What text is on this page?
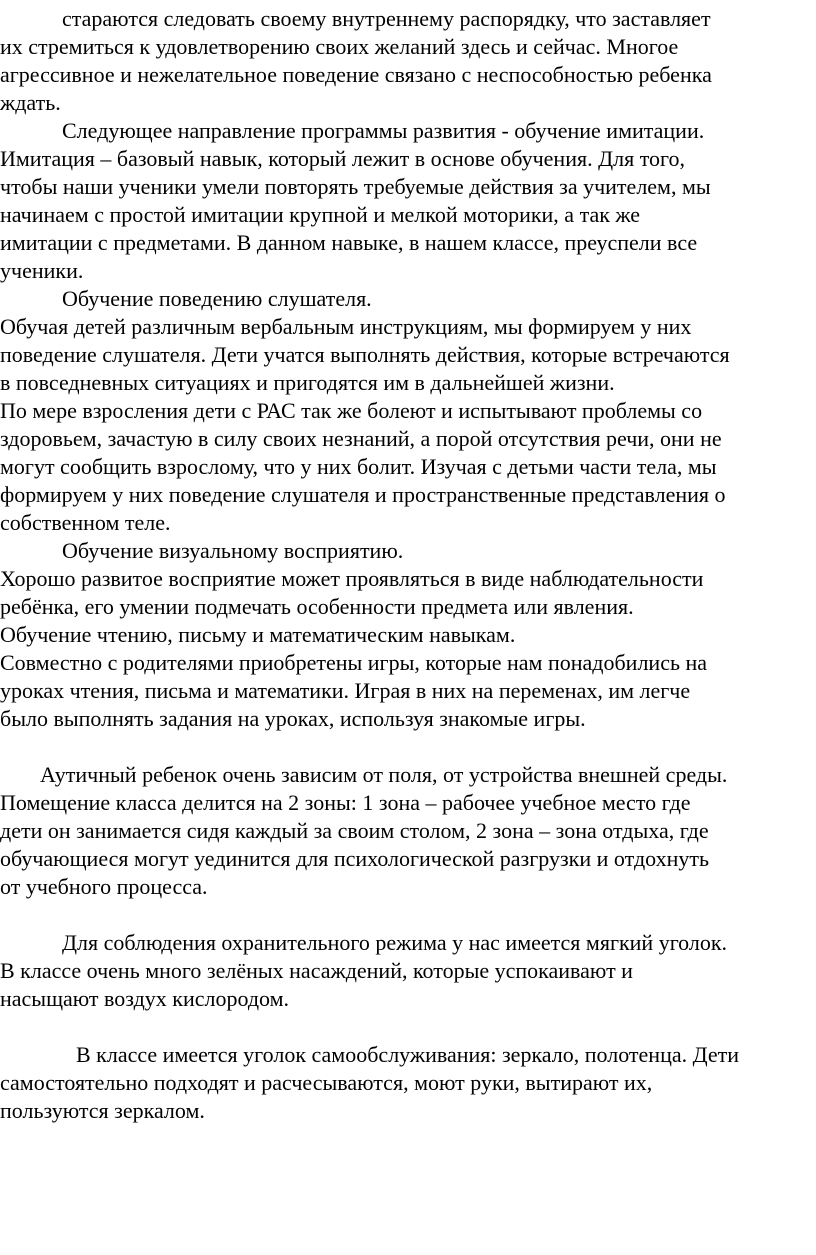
стараются следовать своему внутреннему распорядку, что заставляет

их стремиться к удовлетворению своих желаний здесь и сейчас. Многое

агрессивное и нежелательное поведение связано с неспособностью ребенка

ждать.

Следующее направление программы развития - обучение имитации.

Имитация – базовый навык, который лежит в основе обучения. Для того,

чтобы наши ученики умели повторять требуемые действия за учителем, мы

начинаем с простой имитации крупной и мелкой моторики, а так же

имитации с предметами. В данном навыке, в нашем классе, преуспели все

ученики.

Обучение поведению слушателя.

Обучая детей различным вербальным инструкциям, мы формируем у них

поведение слушателя. Дети учатся выполнять действия, которые встречаются

в повседневных ситуациях и пригодятся им в дальнейшей жизни.

По мере взросления дети с РАС так же болеют и испытывают проблемы со

здоровьем, зачастую в силу своих незнаний, а порой отсутствия речи, они не

могут сообщить взрослому, что у них болит. Изучая с детьми части тела, мы

формируем у них поведение слушателя и пространственные представления о

собственном теле.

Обучение визуальному восприятию.

Хорошо развитое восприятие может проявляться в виде наблюдательности

ребёнка, его умении подмечать особенности предмета или явления.

Обучение чтению, письму и математическим навыкам.

Совместно с родителями приобретены игры, которые нам понадобились на

уроках чтения, письма и математики. Играя в них на переменах, им легче

было выполнять задания на уроках, используя знакомые игры.

Аутичный ребенок очень зависим от поля, от устройства внешней среды.

Помещение класса делится на 2 зоны: 1 зона – рабочее учебное место где

дети он занимается сидя каждый за своим столом, 2 зона – зона отдыха, где

обучающиеся могут уединится для психологической разгрузки и отдохнуть

от учебного процесса.

Для соблюдения охранительного режима у нас имеется мягкий уголок.

В классе очень много зелёных насаждений, которые успокаивают и

насыщают воздух кислородом.

В классе имеется уголок самообслуживания: зеркало, полотенца. Дети

самостоятельно подходят и расчесываются, моют руки, вытирают их,

пользуются зеркалом.
